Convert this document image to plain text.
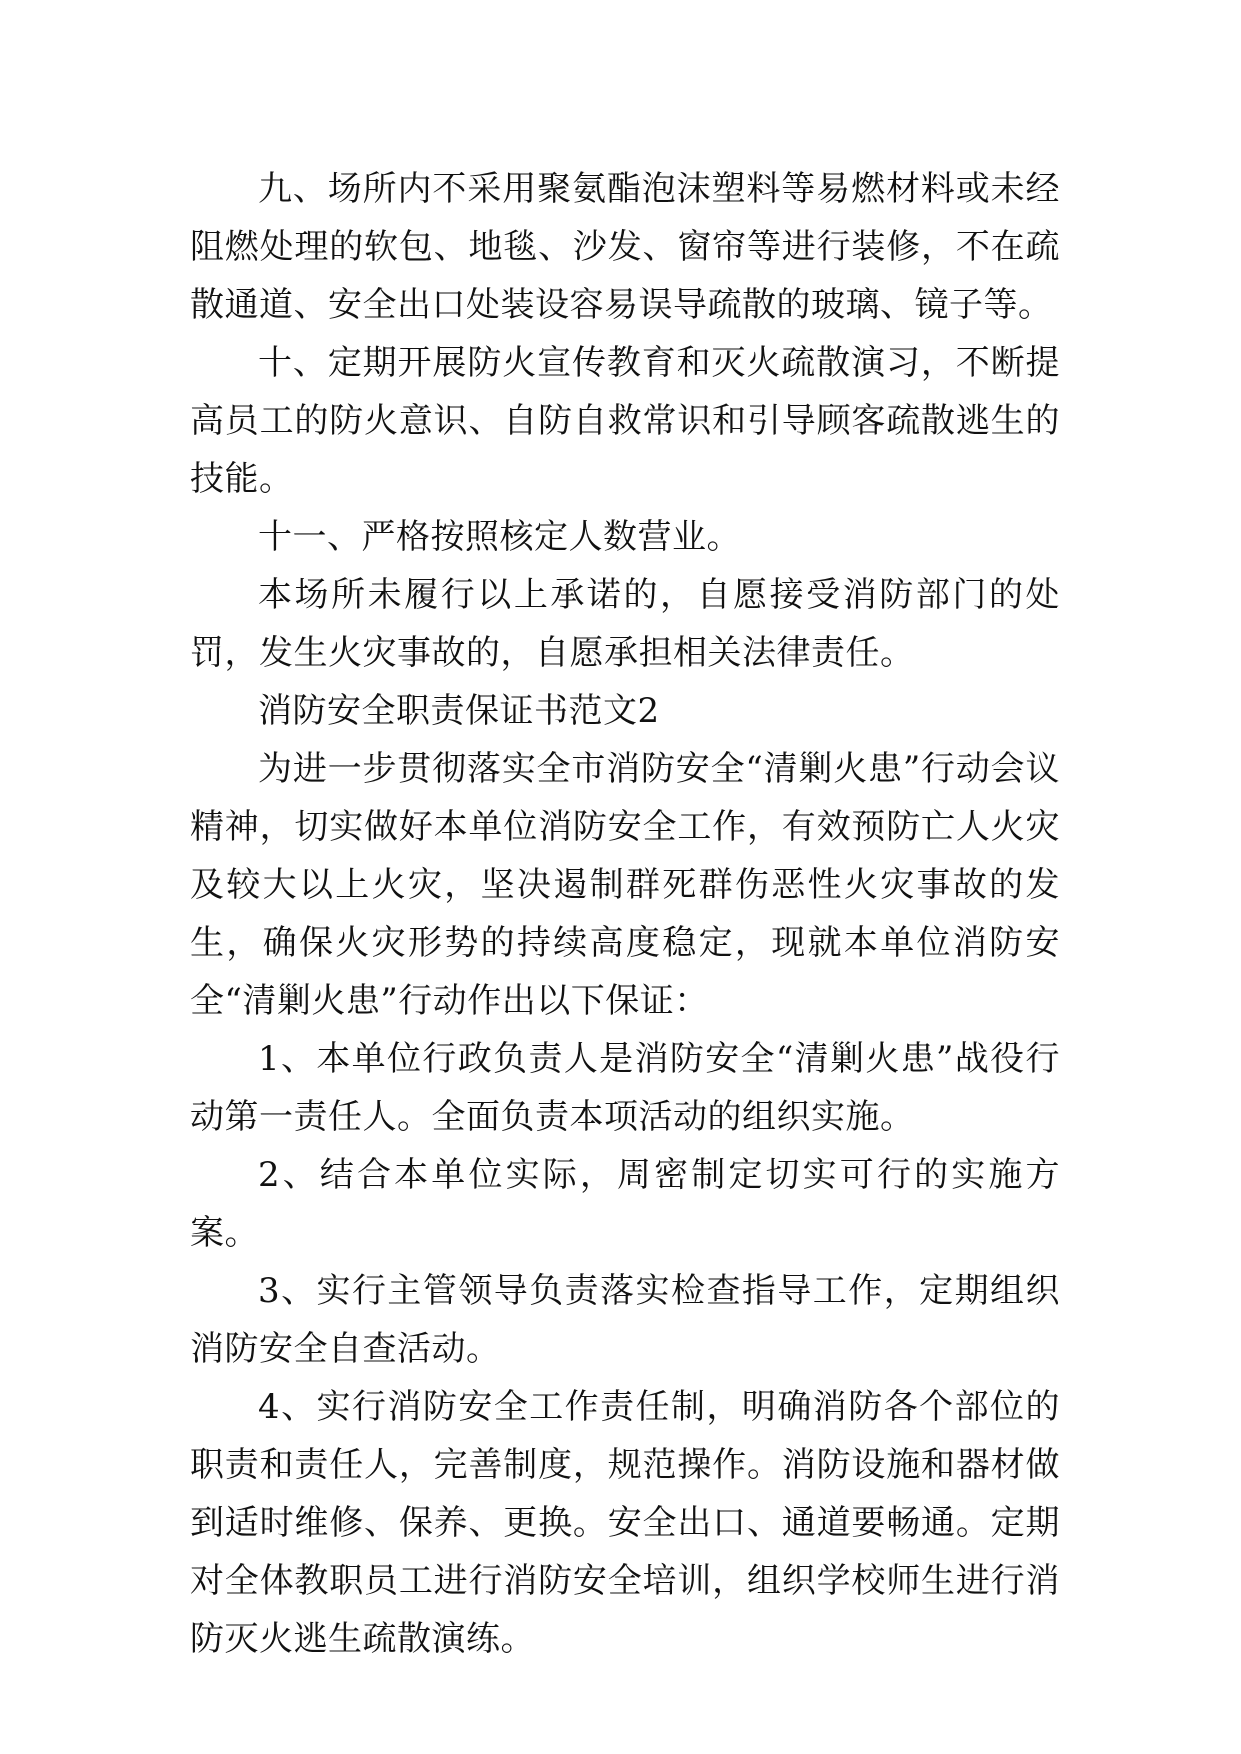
九、场所内不采用聚氨酯泡沫塑料等易燃材料或未经阻燃处理的软包、地毯、沙发、窗帘等进行装修，不在疏散通道、安全出口处装设容易误导疏散的玻璃、镜子等。

十、定期开展防火宣传教育和灭火疏散演习，不断提高员工的防火意识、自防自救常识和引导顾客疏散逃生的技能。

十一、严格按照核定人数营业。

本场所未履行以上承诺的，自愿接受消防部门的处罚，发生火灾事故的，自愿承担相关法律责任。

消防安全职责保证书范文2

为进一步贯彻落实全市消防安全“清剿火患”行动会议精神，切实做好本单位消防安全工作，有效预防亡人火灾及较大以上火灾，坚决遏制群死群伤恶性火灾事故的发生，确保火灾形势的持续高度稳定，现就本单位消防安全“清剿火患”行动作出以下保证：

1、本单位行政负责人是消防安全“清剿火患”战役行动第一责任人。全面负责本项活动的组织实施。

2、结合本单位实际，周密制定切实可行的实施方案。

3、实行主管领导负责落实检查指导工作，定期组织消防安全自查活动。

4、实行消防安全工作责任制，明确消防各个部位的职责和责任人，完善制度，规范操作。消防设施和器材做到适时维修、保养、更换。安全出口、通道要畅通。定期对全体教职员工进行消防安全培训，组织学校师生进行消防灭火逃生疏散演练。
